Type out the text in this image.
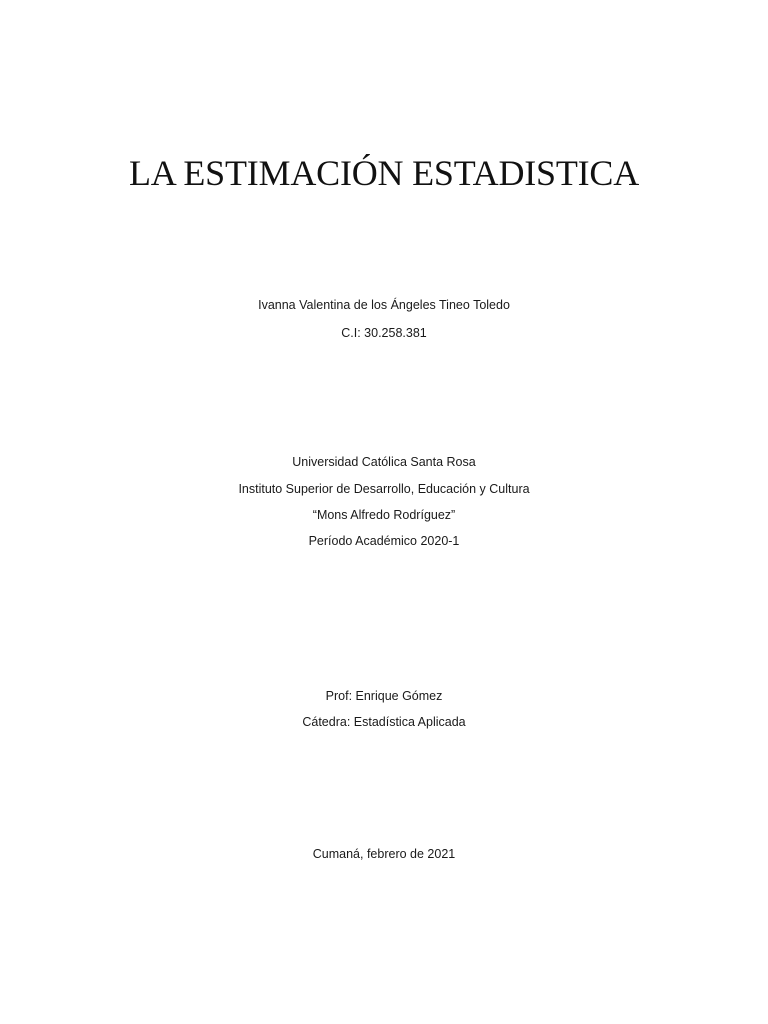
LA ESTIMACIÓN ESTADISTICA

Ivanna Valentina de los Ángeles Tineo Toledo

C.I: 30.258.381

Universidad Católica Santa Rosa

Instituto Superior de Desarrollo, Educación y Cultura

“Mons Alfredo Rodríguez”

Período Académico 2020-1

Prof: Enrique Gómez

Cátedra: Estadística Aplicada

Cumaná, febrero de 2021
